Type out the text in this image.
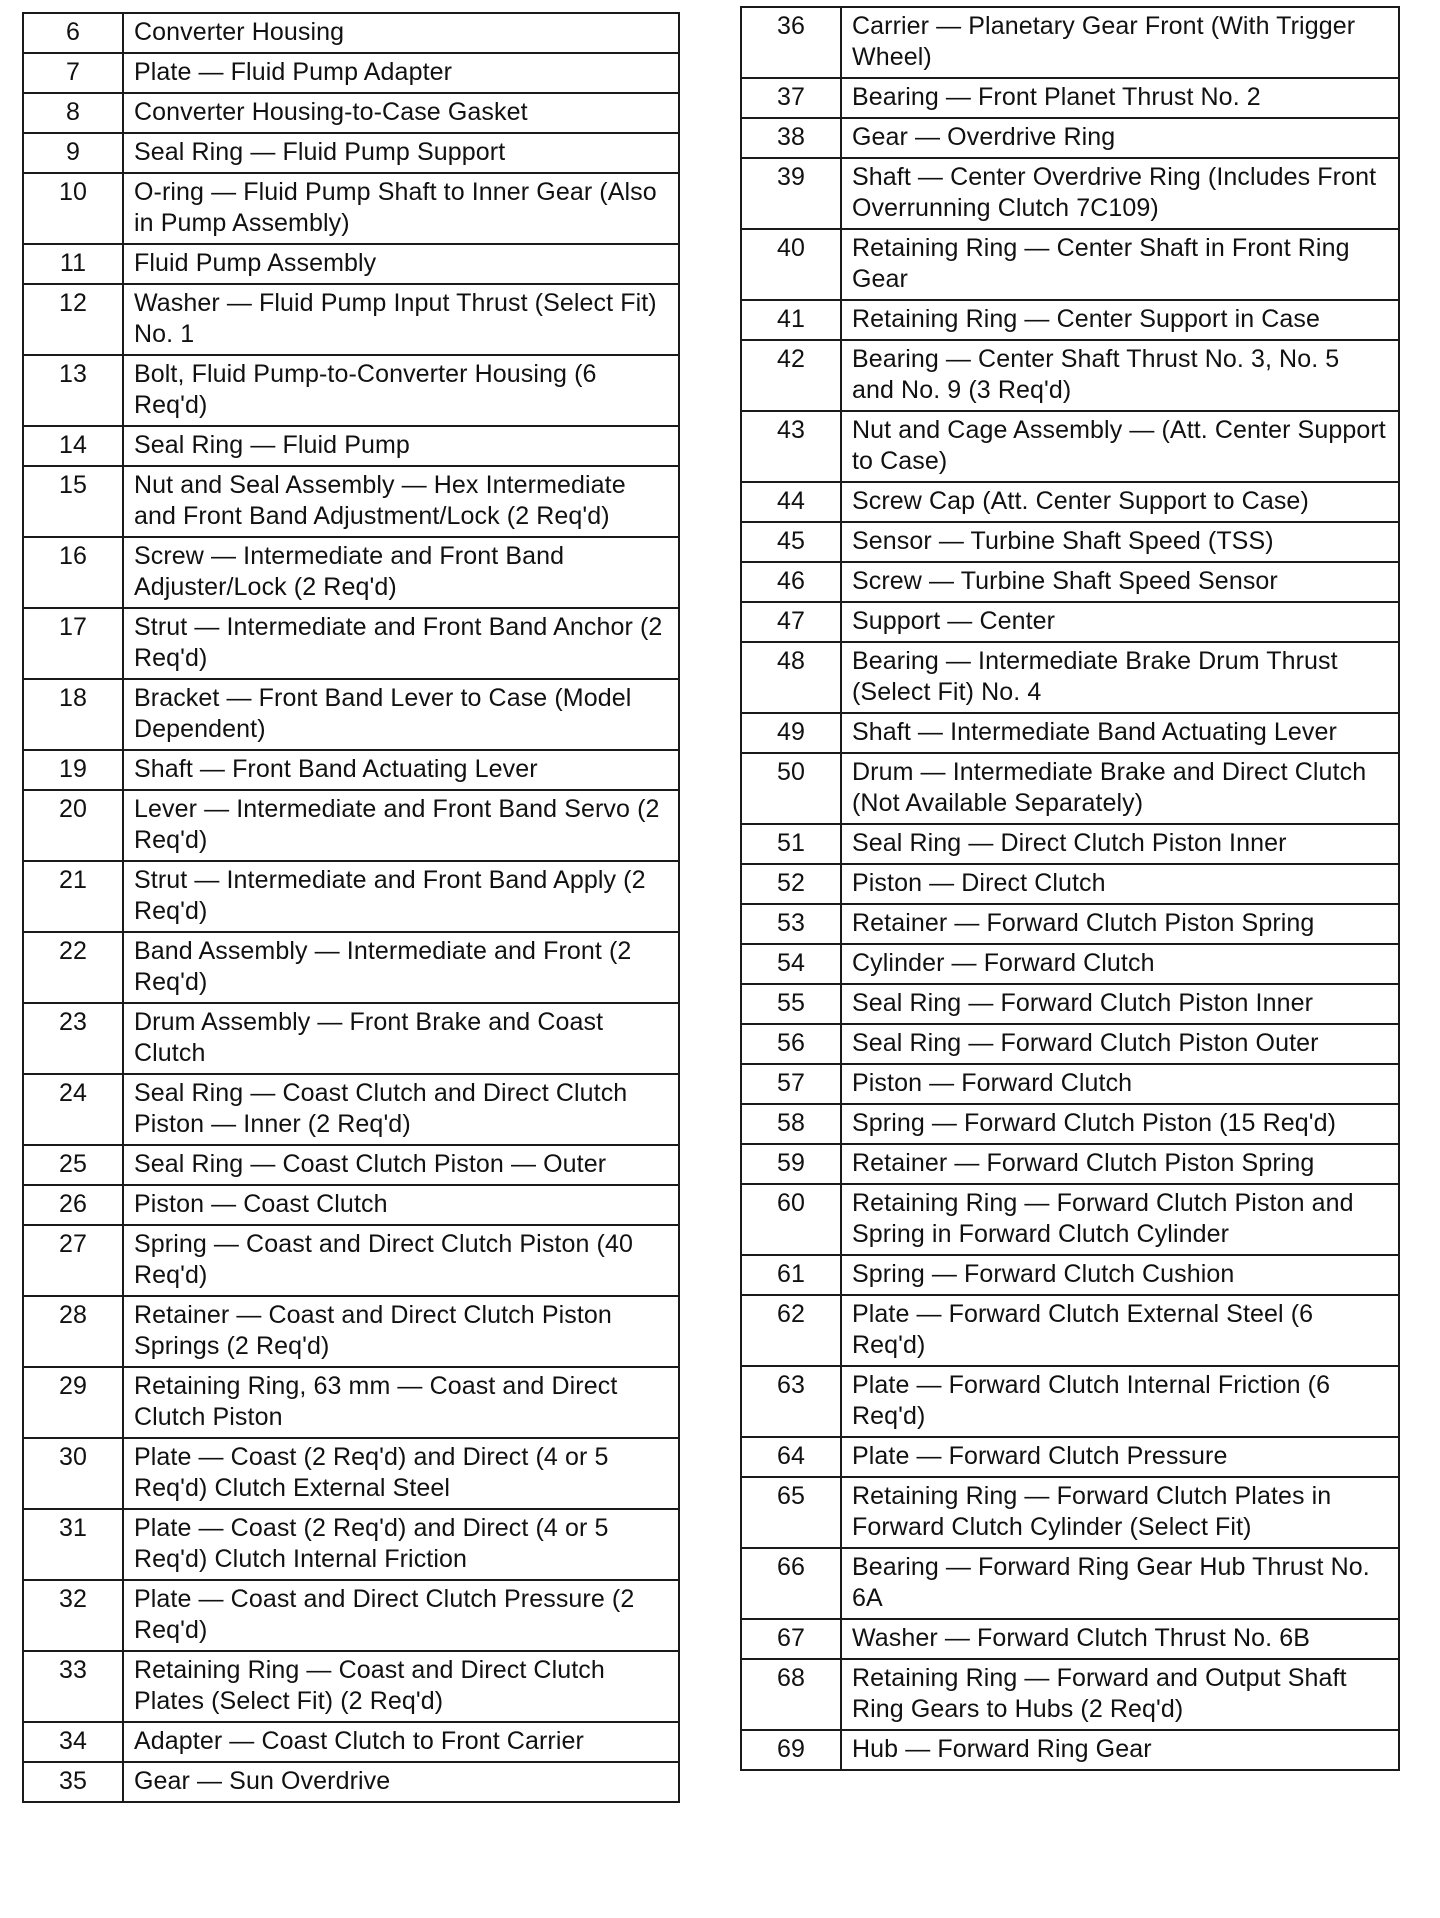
6	Converter Housing
7	Plate — Fluid Pump Adapter
8	Converter Housing-to-Case Gasket
9	Seal Ring — Fluid Pump Support
10	O-ring — Fluid Pump Shaft to Inner Gear (Also in Pump Assembly)
11	Fluid Pump Assembly
12	Washer — Fluid Pump Input Thrust (Select Fit) No. 1
13	Bolt, Fluid Pump-to-Converter Housing (6 Req'd)
14	Seal Ring — Fluid Pump
15	Nut and Seal Assembly — Hex Intermediate and Front Band Adjustment/Lock (2 Req'd)
16	Screw — Intermediate and Front Band Adjuster/Lock (2 Req'd)
17	Strut — Intermediate and Front Band Anchor (2 Req'd)
18	Bracket — Front Band Lever to Case (Model Dependent)
19	Shaft — Front Band Actuating Lever
20	Lever — Intermediate and Front Band Servo (2 Req'd)
21	Strut — Intermediate and Front Band Apply (2 Req'd)
22	Band Assembly — Intermediate and Front (2 Req'd)
23	Drum Assembly — Front Brake and Coast Clutch
24	Seal Ring — Coast Clutch and Direct Clutch Piston — Inner (2 Req'd)
25	Seal Ring — Coast Clutch Piston — Outer
26	Piston — Coast Clutch
27	Spring — Coast and Direct Clutch Piston (40 Req'd)
28	Retainer — Coast and Direct Clutch Piston Springs (2 Req'd)
29	Retaining Ring, 63 mm — Coast and Direct Clutch Piston
30	Plate — Coast (2 Req'd) and Direct (4 or 5 Req'd) Clutch External Steel
31	Plate — Coast (2 Req'd) and Direct (4 or 5 Req'd) Clutch Internal Friction
32	Plate — Coast and Direct Clutch Pressure (2 Req'd)
33	Retaining Ring — Coast and Direct Clutch Plates (Select Fit) (2 Req'd)
34	Adapter — Coast Clutch to Front Carrier
35	Gear — Sun Overdrive
36	Carrier — Planetary Gear Front (With Trigger Wheel)
37	Bearing — Front Planet Thrust No. 2
38	Gear — Overdrive Ring
39	Shaft — Center Overdrive Ring (Includes Front Overrunning Clutch 7C109)
40	Retaining Ring — Center Shaft in Front Ring Gear
41	Retaining Ring — Center Support in Case
42	Bearing — Center Shaft Thrust No. 3, No. 5 and No. 9 (3 Req'd)
43	Nut and Cage Assembly — (Att. Center Support to Case)
44	Screw Cap (Att. Center Support to Case)
45	Sensor — Turbine Shaft Speed (TSS)
46	Screw — Turbine Shaft Speed Sensor
47	Support — Center
48	Bearing — Intermediate Brake Drum Thrust (Select Fit) No. 4
49	Shaft — Intermediate Band Actuating Lever
50	Drum — Intermediate Brake and Direct Clutch (Not Available Separately)
51	Seal Ring — Direct Clutch Piston Inner
52	Piston — Direct Clutch
53	Retainer — Forward Clutch Piston Spring
54	Cylinder — Forward Clutch
55	Seal Ring — Forward Clutch Piston Inner
56	Seal Ring — Forward Clutch Piston Outer
57	Piston — Forward Clutch
58	Spring — Forward Clutch Piston (15 Req'd)
59	Retainer — Forward Clutch Piston Spring
60	Retaining Ring — Forward Clutch Piston and Spring in Forward Clutch Cylinder
61	Spring — Forward Clutch Cushion
62	Plate — Forward Clutch External Steel (6 Req'd)
63	Plate — Forward Clutch Internal Friction (6 Req'd)
64	Plate — Forward Clutch Pressure
65	Retaining Ring — Forward Clutch Plates in Forward Clutch Cylinder (Select Fit)
66	Bearing — Forward Ring Gear Hub Thrust No. 6A
67	Washer — Forward Clutch Thrust No. 6B
68	Retaining Ring — Forward and Output Shaft Ring Gears to Hubs (2 Req'd)
69	Hub — Forward Ring Gear
